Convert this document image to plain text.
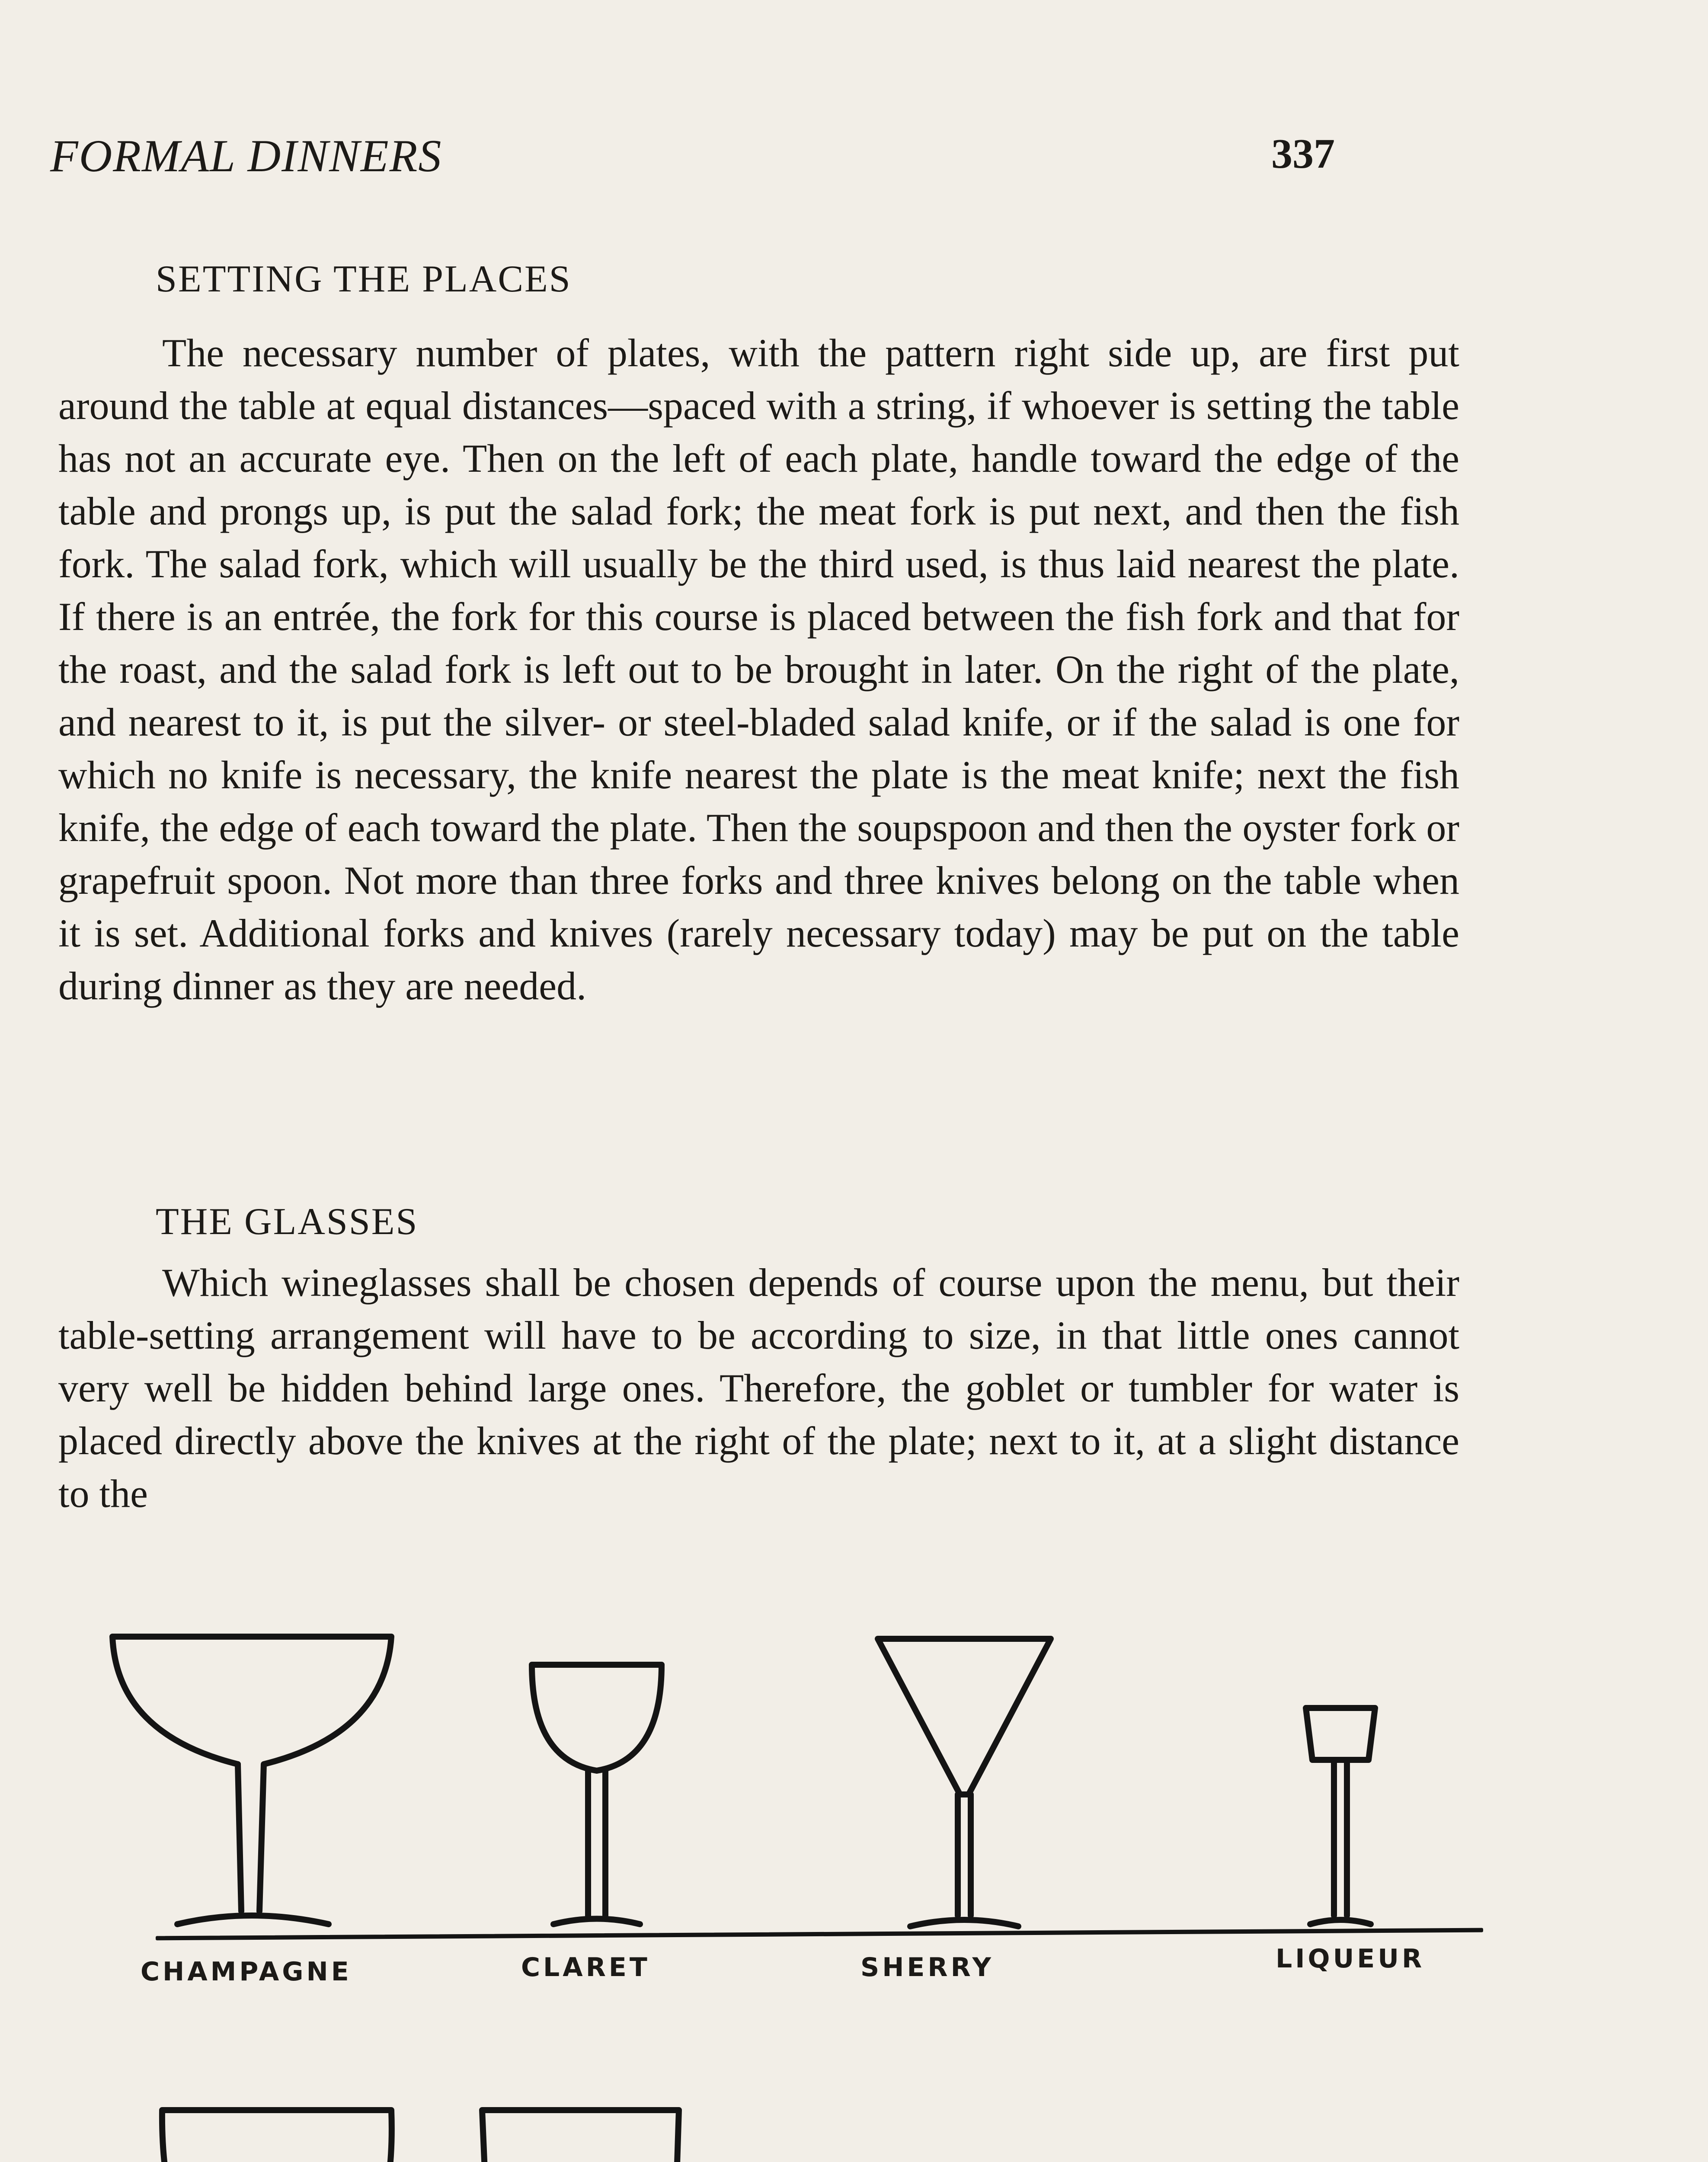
FORMAL DINNERS	337
SETTING THE PLACES

The necessary number of plates, with the pattern right side up, are first put around the table at equal distances—spaced with a string, if whoever is setting the table has not an accurate eye. Then on the left of each plate, handle toward the edge of the table and prongs up, is put the salad fork; the meat fork is put next, and then the fish fork. The salad fork, which will usually be the third used, is thus laid nearest the plate. If there is an entrée, the fork for this course is placed between the fish fork and that for the roast, and the salad fork is left out to be brought in later. On the right of the plate, and nearest to it, is put the silver- or steel-bladed salad knife, or if the salad is one for which no knife is necessary, the knife nearest the plate is the meat knife; next the fish knife, the edge of each toward the plate. Then the soupspoon and then the oyster fork or grapefruit spoon. Not more than three forks and three knives belong on the table when it is set. Additional forks and knives (rarely necessary today) may be put on the table during dinner as they are needed.

THE GLASSES

Which wineglasses shall be chosen depends of course upon the menu, but their table-setting arrangement will have to be according to size, in that little ones cannot very well be hidden behind large ones. Therefore, the goblet or tumbler for water is placed directly above the knives at the right of the plate; next to it, at a slight distance to the

CHAMPAGNE	CLARET	SHERRY	LIQUEUR
